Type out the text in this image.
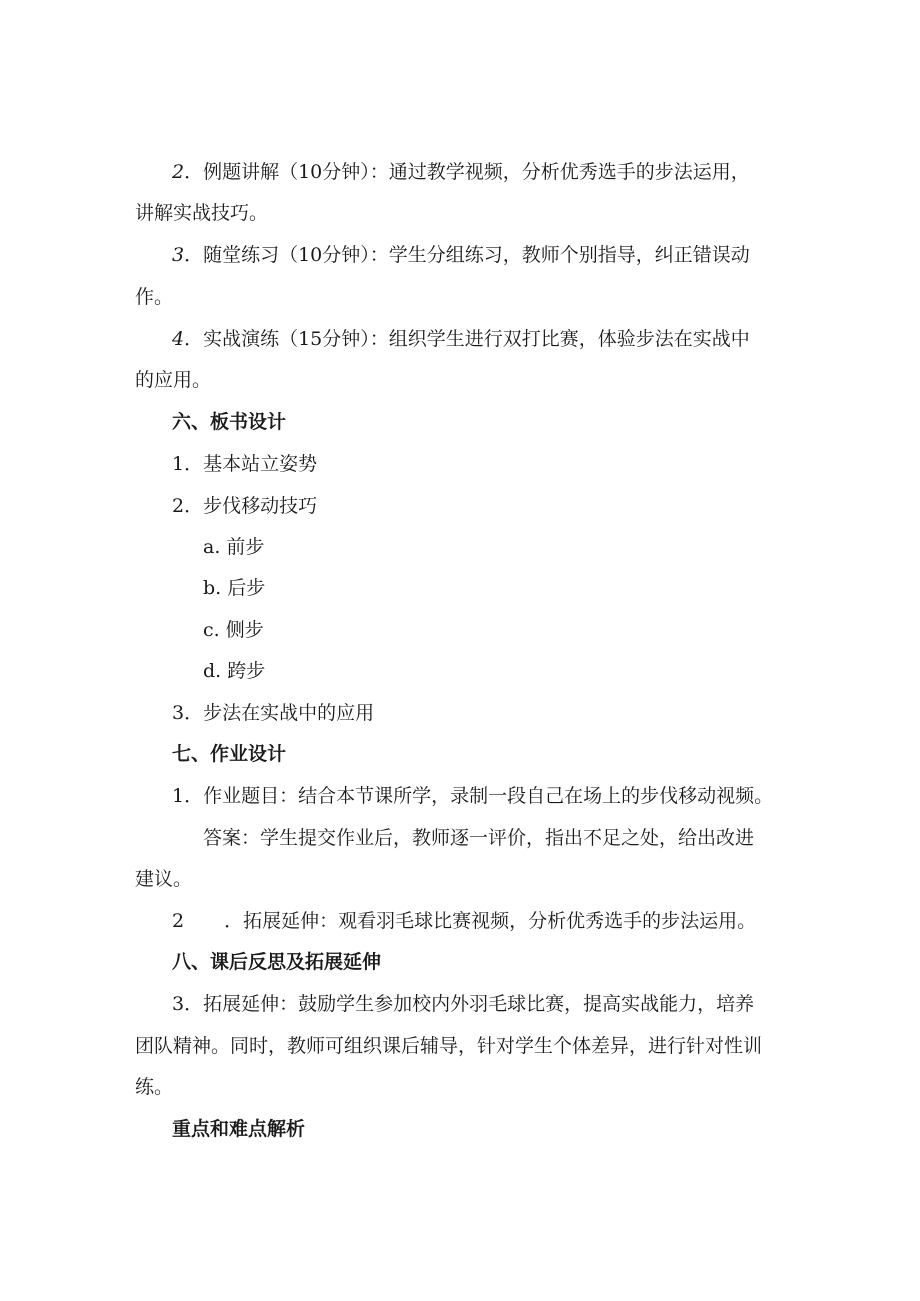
2．例题讲解（10分钟）：通过教学视频，分析优秀选手的步法运用，
讲解实战技巧。
3．随堂练习（10分钟）：学生分组练习，教师个别指导，纠正错误动
作。
4．实战演练（15分钟）：组织学生进行双打比赛，体验步法在实战中
的应用。
六、板书设计
1．基本站立姿势
2．步伐移动技巧
a. 前步
b. 后步
c. 侧步
d. 跨步
3．步法在实战中的应用
七、作业设计
1．作业题目：结合本节课所学，录制一段自己在场上的步伐移动视频。
答案：学生提交作业后，教师逐一评价，指出不足之处，给出改进
建议。
2 ．拓展延伸：观看羽毛球比赛视频，分析优秀选手的步法运用。
八、课后反思及拓展延伸
3．拓展延伸：鼓励学生参加校内外羽毛球比赛，提高实战能力，培养
团队精神。同时，教师可组织课后辅导，针对学生个体差异，进行针对性训
练。
重点和难点解析
